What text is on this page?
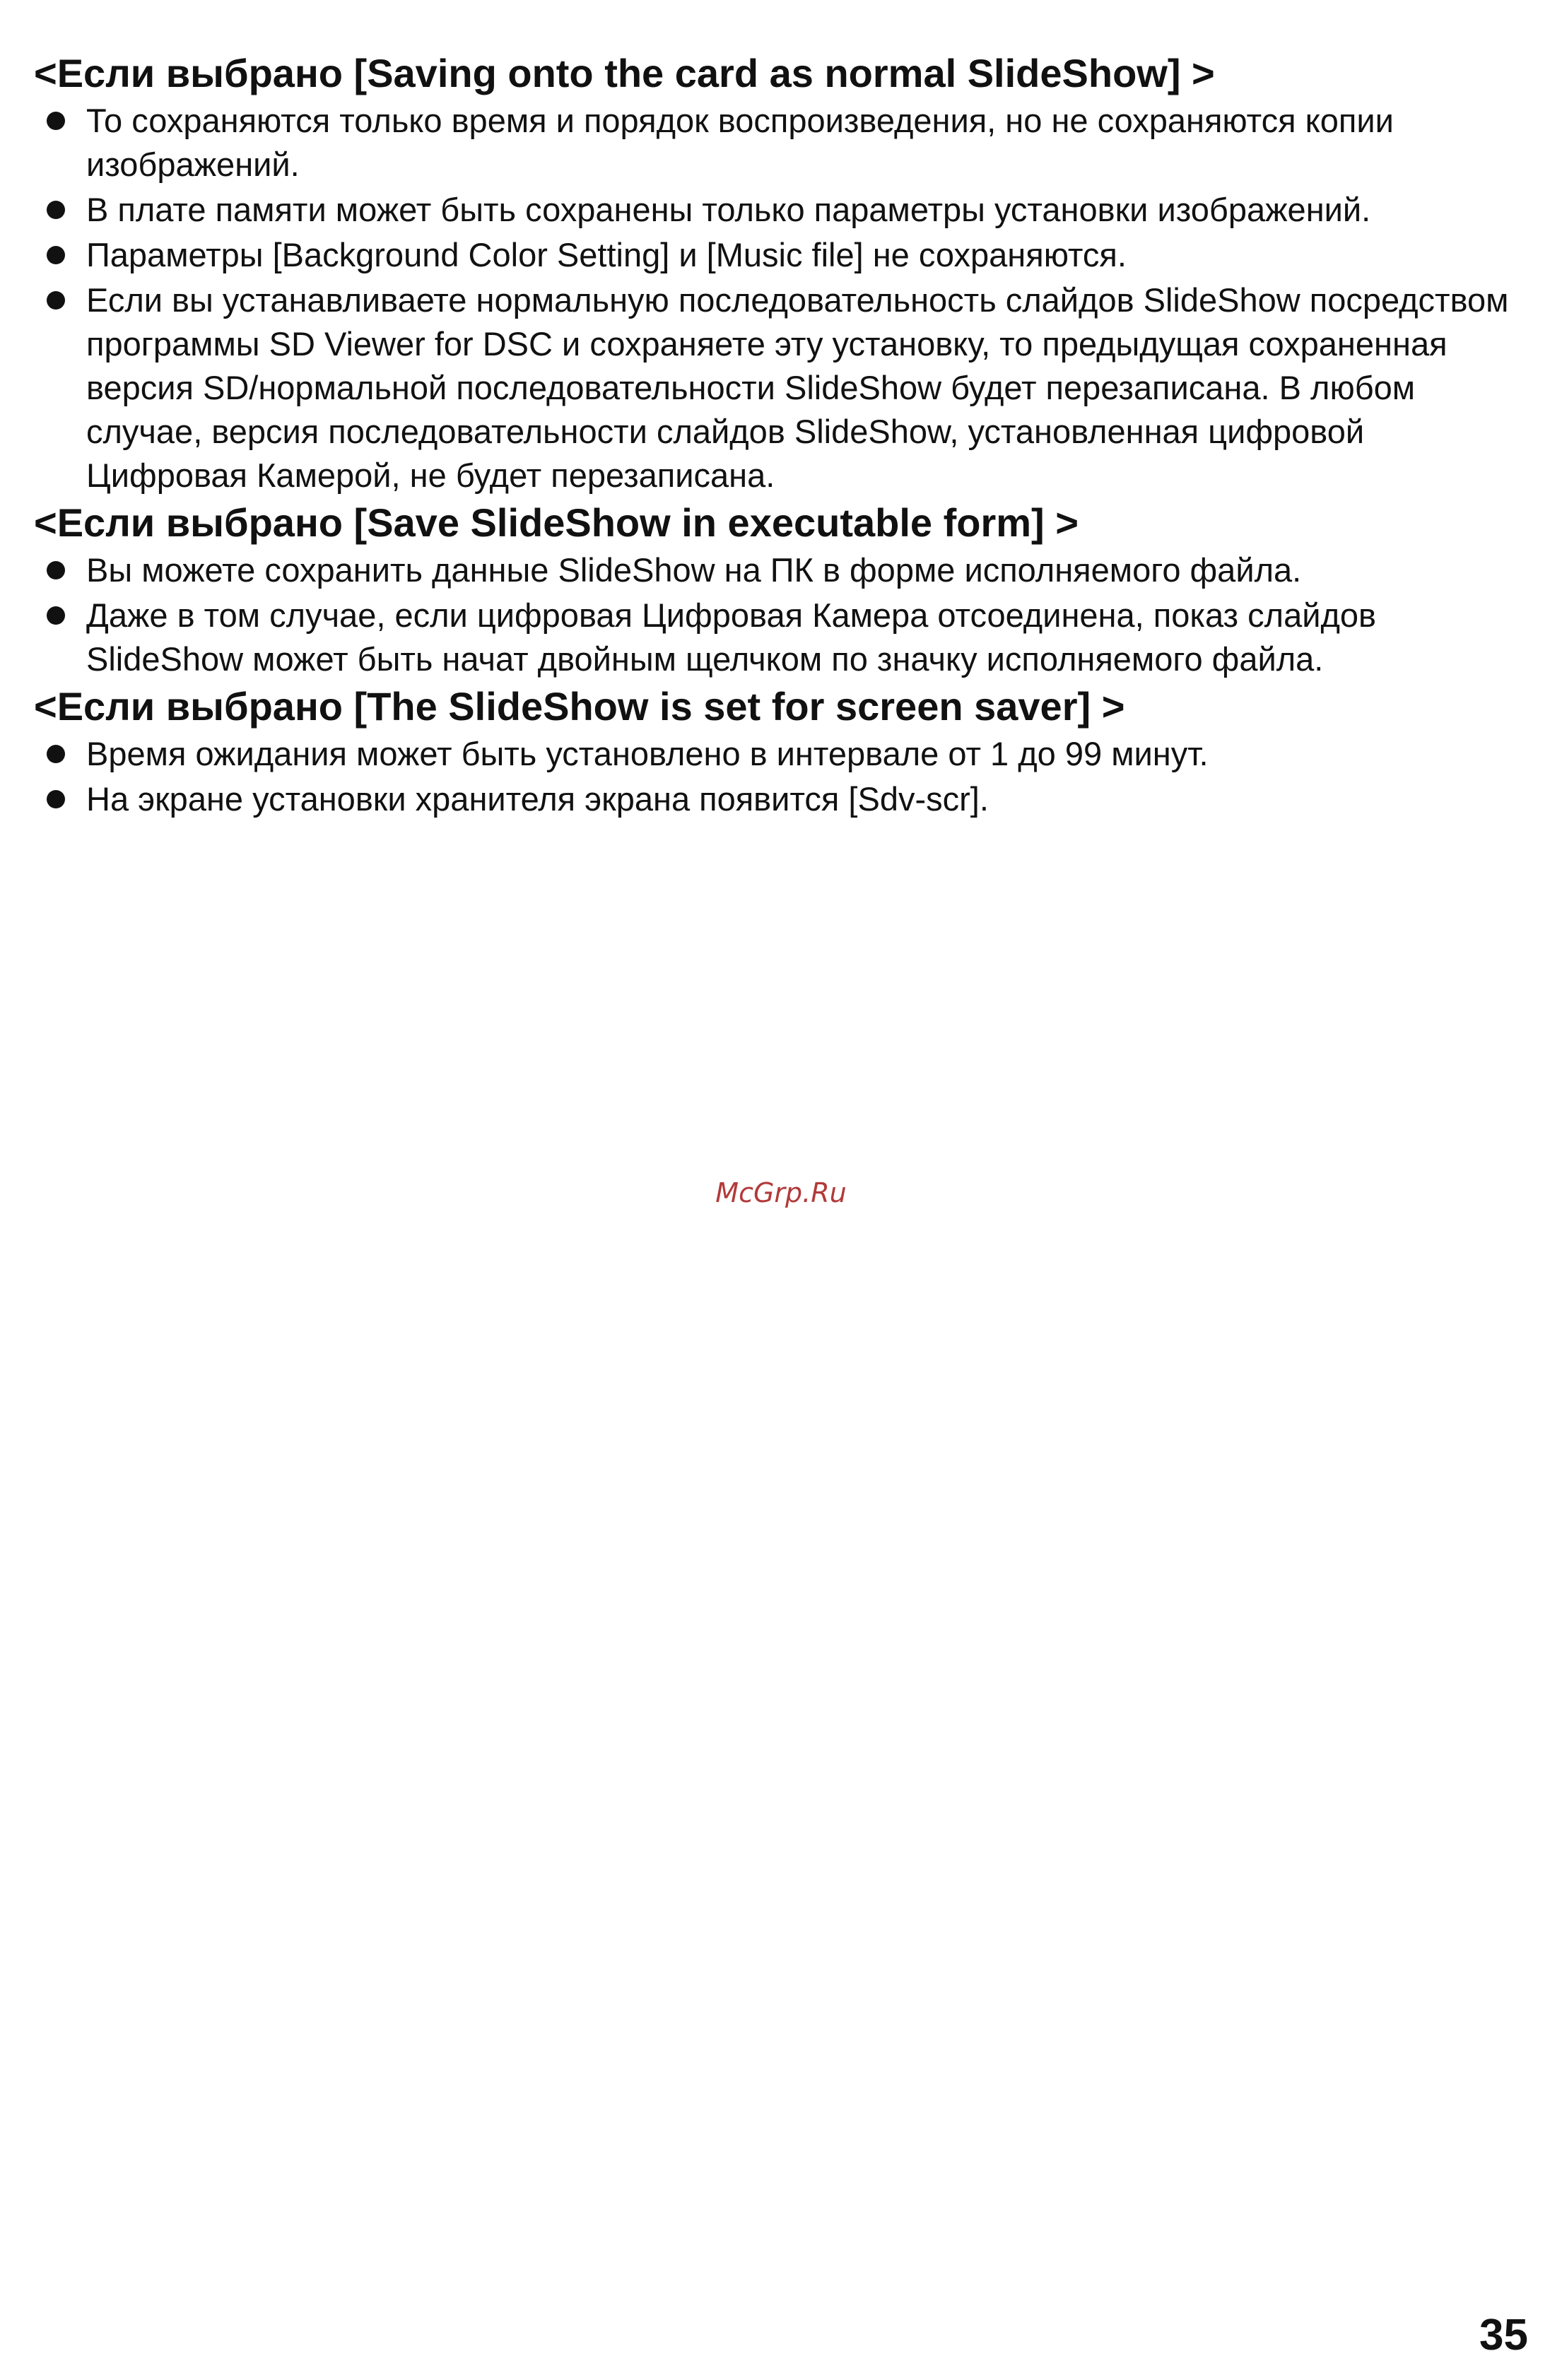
<Если выбрано [Saving onto the card as normal SlideShow] >
То сохраняются только время и порядок воспроизведения, но не сохраняются копии изображений.
В плате памяти может быть сохранены только параметры установки изображений.
Параметры [Background Color Setting] и [Music file] не сохраняются.
Если вы устанавливаете нормальную последовательность слайдов SlideShow посредством программы SD Viewer for DSC и сохраняете эту установку, то предыдущая сохраненная версия SD/нормальной последовательности SlideShow будет перезаписана. В любом случае, версия последовательности слайдов SlideShow, установленная цифровой Цифровая Камерой, не будет перезаписана.
<Если выбрано [Save SlideShow in executable form] >
Вы можете сохранить данные SlideShow на ПК в форме исполняемого файла.
Даже в том случае, если цифровая Цифровая Камера отсоединена, показ слайдов SlideShow может быть начат двойным щелчком по значку исполняемого файла.
<Если выбрано [The SlideShow is set for screen saver] >
Время ожидания может быть установлено в интервале от 1 до 99 минут.
На экране установки хранителя экрана появится [Sdv-scr].
McGrp.Ru
35
